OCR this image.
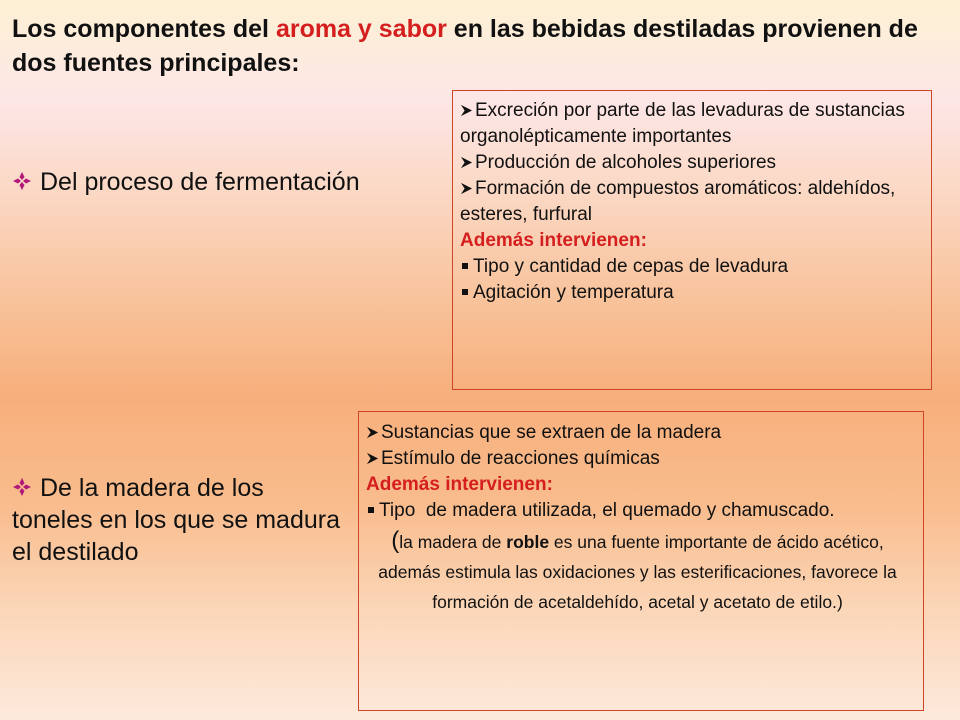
Los componentes del aroma y sabor en las bebidas destiladas provienen de dos fuentes principales:
Del proceso de fermentación
De la madera de los toneles en los que se madura el destilado
Excreción por parte de las levaduras de sustancias organolépticamente importantes
Producción de alcoholes superiores
Formación de compuestos aromáticos: aldehídos, esteres, furfural
Además intervienen:
Tipo y cantidad de cepas de levadura
Agitación y temperatura
Sustancias que se extraen de la madera
Estímulo de reacciones químicas
Además intervienen:
Tipo  de madera utilizada, el quemado y chamuscado.
(la madera de roble es una fuente importante de ácido acético, además estimula las oxidaciones y las esterificaciones, favorece la formación de acetaldehído, acetal y acetato de etilo.)
